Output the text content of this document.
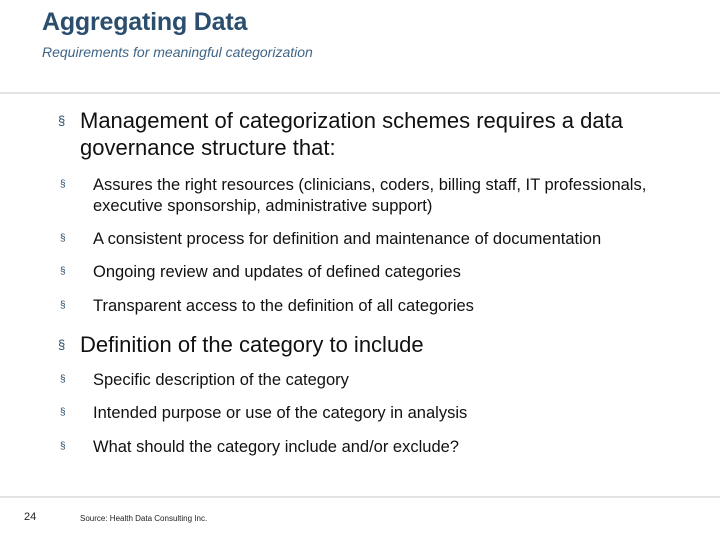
Aggregating Data
Requirements for meaningful categorization
§ Management of categorization schemes requires a data governance structure that:
§ Assures the right resources (clinicians, coders, billing staff, IT professionals, executive sponsorship, administrative support)
§ A consistent process for definition and maintenance of documentation
§ Ongoing review and updates of defined categories
§ Transparent access to the definition of all categories
§ Definition of the category to include
§ Specific description of the category
§ Intended purpose or use of the category in analysis
§ What should the category include and/or exclude?
24	Source: Health Data Consulting Inc.
